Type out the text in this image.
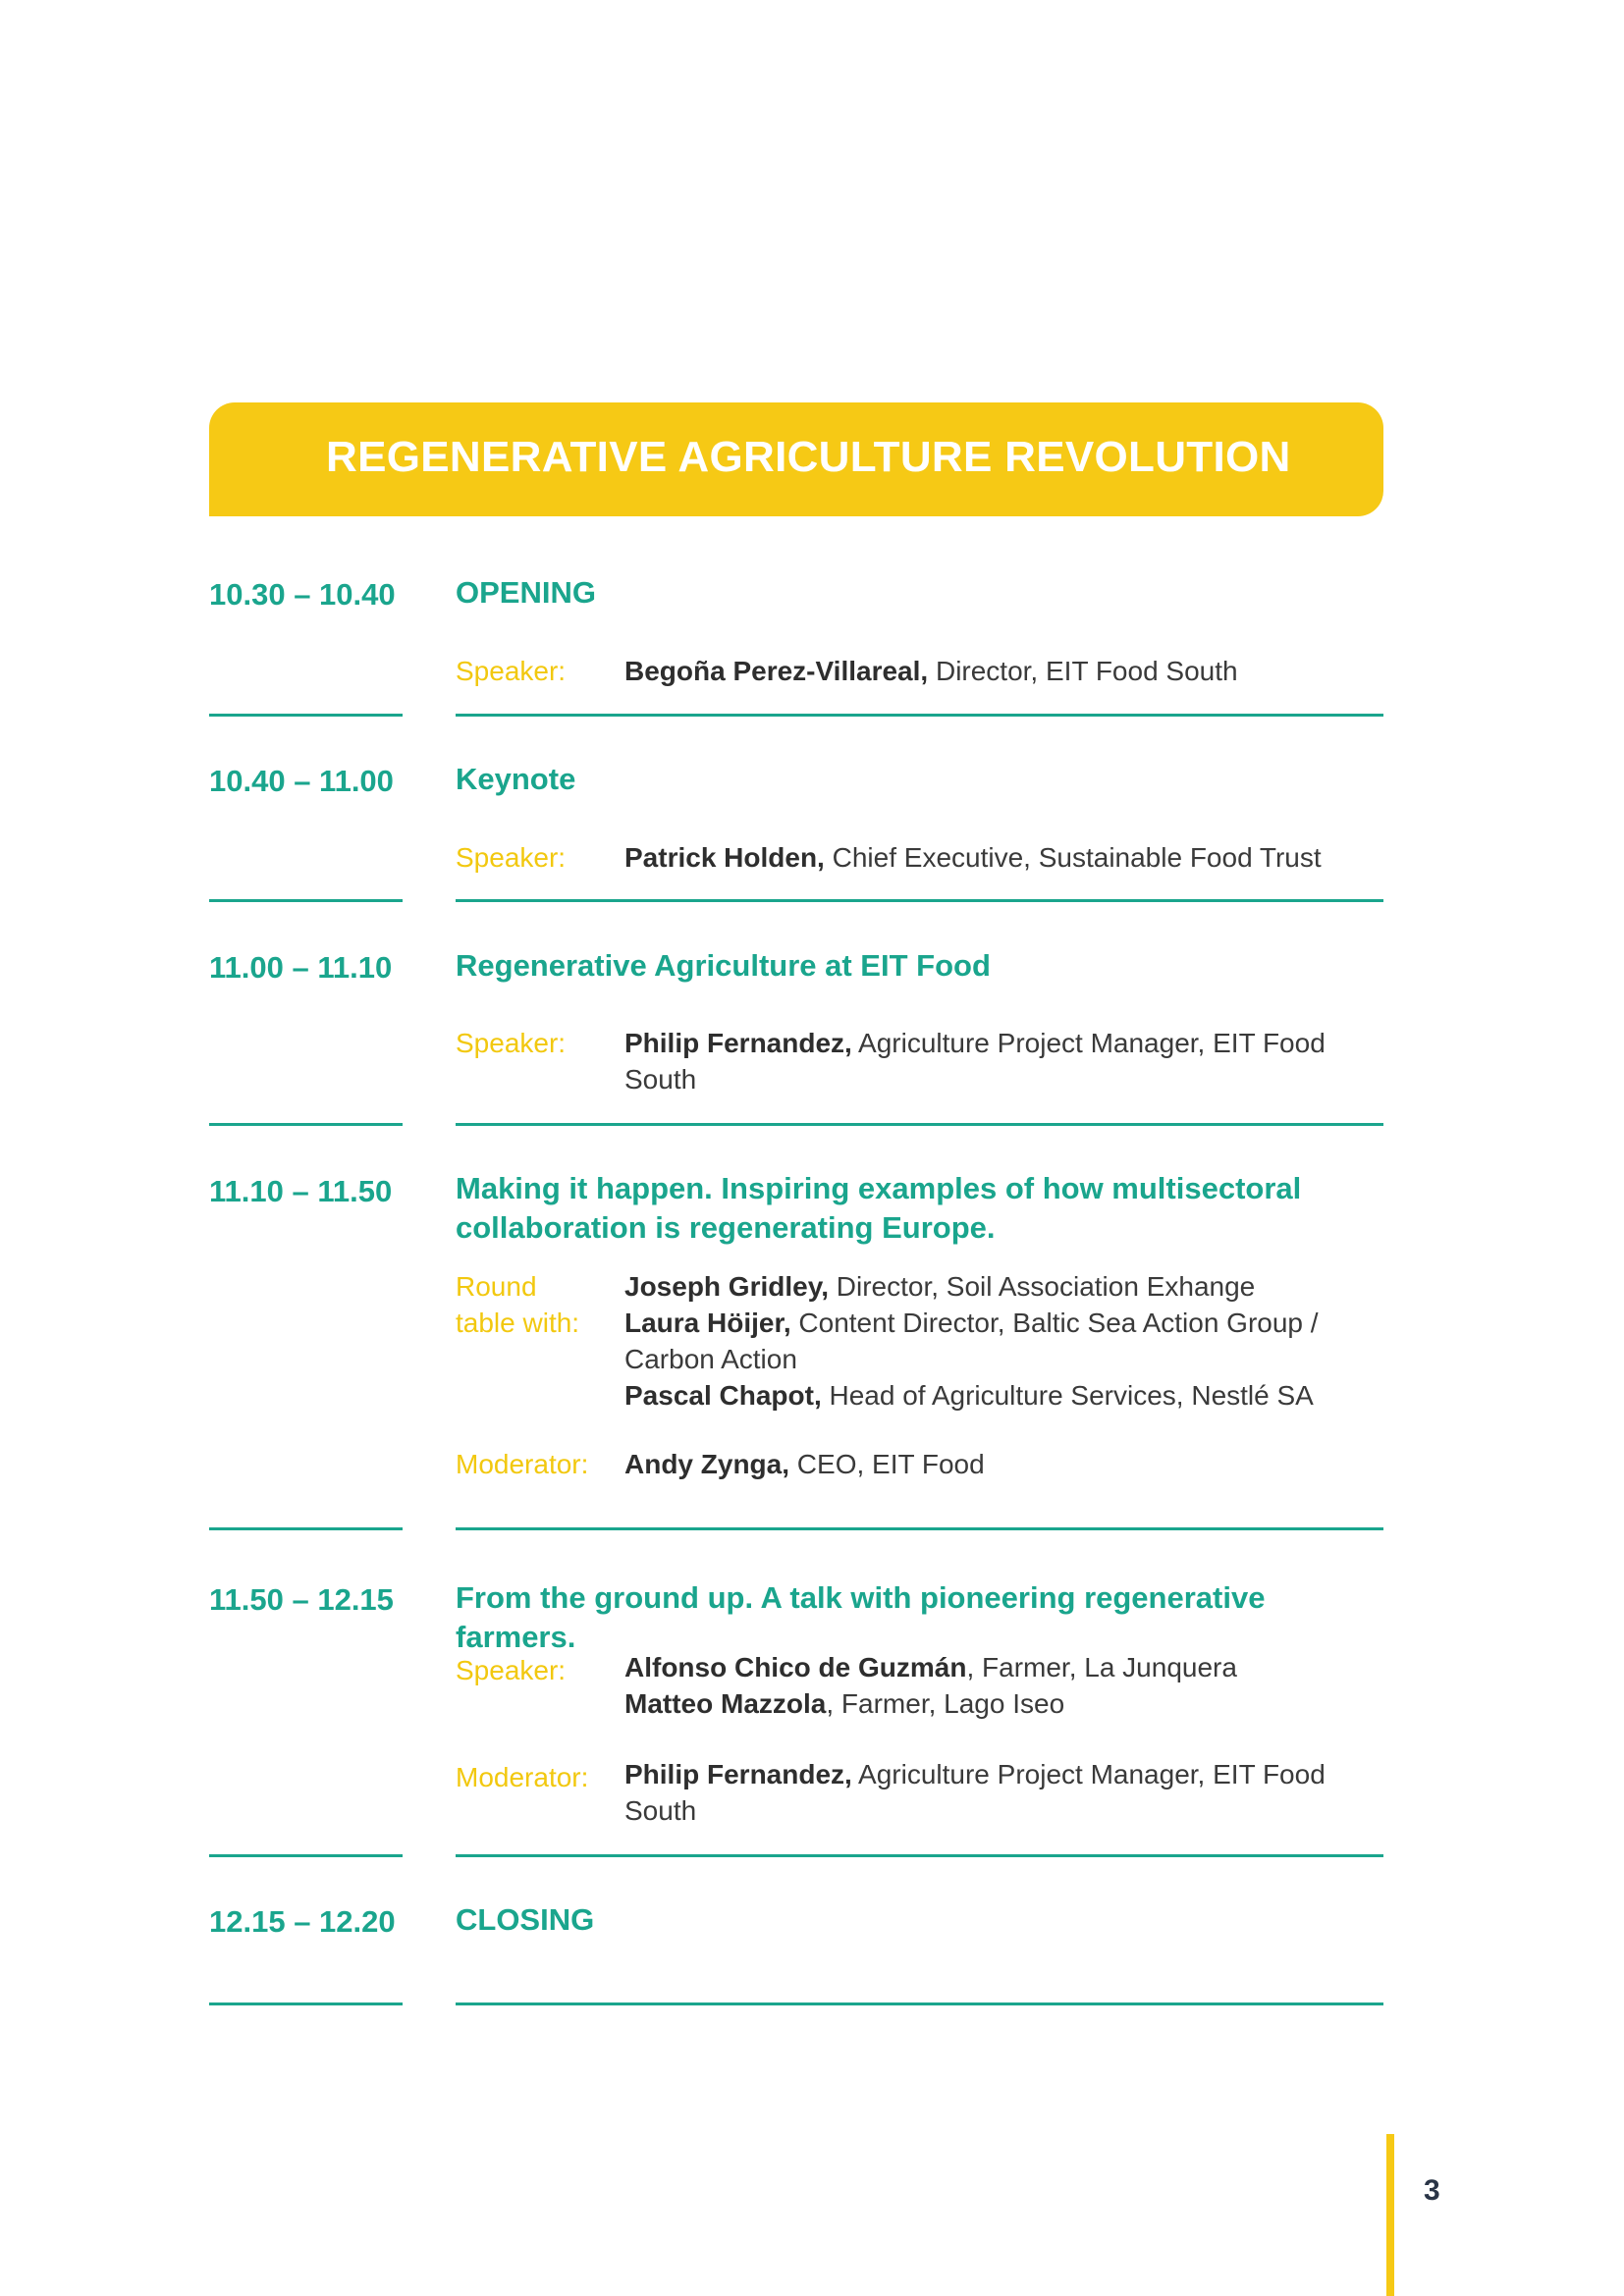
REGENERATIVE AGRICULTURE REVOLUTION
10.30 – 10.40 OPENING
Speaker:	Begoña Perez-Villareal, Director, EIT Food South
10.40 – 11.00 Keynote
Speaker:	Patrick Holden, Chief Executive, Sustainable Food Trust
11.00 – 11.10 Regenerative Agriculture at EIT Food
Speaker:	Philip Fernandez, Agriculture Project Manager, EIT Food South
11.10 – 11.50 Making it happen. Inspiring examples of how multisectoral collaboration is regenerating Europe.
Round table with:
Joseph Gridley, Director, Soil Association Exhange
Laura Höijer, Content Director, Baltic Sea Action Group / Carbon Action
Pascal Chapot, Head of Agriculture Services, Nestlé SA
Moderator:	Andy Zynga, CEO, EIT Food
11.50 – 12.15 From the ground up. A talk with pioneering regenerative farmers.
Speaker:	Alfonso Chico de Guzmán, Farmer, La Junquera
Matteo Mazzola, Farmer, Lago Iseo
Moderator:	Philip Fernandez, Agriculture Project Manager, EIT Food South
12.15 – 12.20 CLOSING
3
